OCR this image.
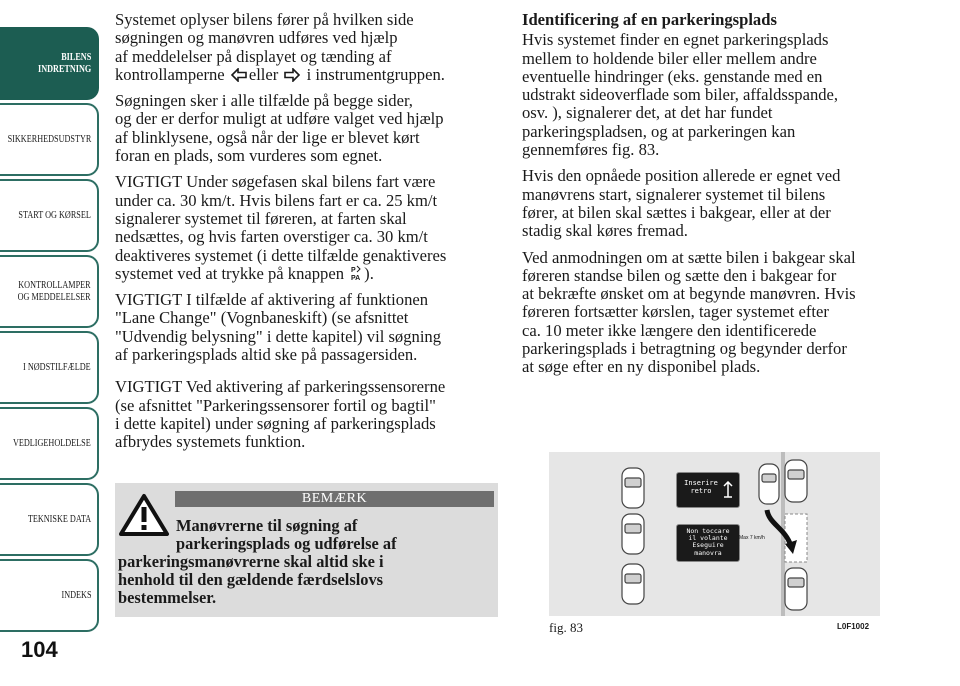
BILENS
INDRETNING
SIKKERHEDSUDSTYR
START OG KØRSEL
KONTROLLAMPER
OG MEDDELELSER
I NØDSTILFÆLDE
VEDLIGEHOLDELSE
TEKNISKE DATA
INDEKS
104

Systemet oplyser bilens fører på hvilken side
søgningen og manøvren udføres ved hjælp
af meddelelser på displayet og tænding af
kontrollamperne eller i instrumentgruppen.

Søgningen sker i alle tilfælde på begge sider,
og der er derfor muligt at udføre valget ved hjælp
af blinklysene, også når der lige er blevet kørt
foran en plads, som vurderes som egnet.

VIGTIGT Under søgefasen skal bilens fart være
under ca. 30 km/t. Hvis bilens fart er ca. 25 km/t
signalerer systemet til føreren, at farten skal
nedsættes, og hvis farten overstiger ca. 30 km/t
deaktiveres systemet (i dette tilfælde genaktiveres
systemet ved at trykke på knappen P
PA ).

VIGTIGT I tilfælde af aktivering af funktionen
"Lane Change" (Vognbaneskift) (se afsnittet
"Udvendig belysning" i dette kapitel) vil søgning
af parkeringsplads altid ske på passagersiden.

VIGTIGT Ved aktivering af parkeringssensorerne
(se afsnittet "Parkeringssensorer fortil og bagtil"
i dette kapitel) under søgning af parkeringsplads
afbrydes systemets funktion.

BEMÆRK
Manøvrerne til søgning af
parkeringsplads og udførelse af
parkeringsmanøvrerne skal altid ske i
henhold til den gældende færdselslovs
bestemmelser.
Identificering af en parkeringsplads

Hvis systemet finder en egnet parkeringsplads
mellem to holdende biler eller mellem andre
eventuelle hindringer (eks. genstande med en
udstrakt sideoverflade som biler, affaldsspande,
osv. ), signalerer det, at det har fundet
parkeringspladsen, og at parkeringen kan
gennemføres fig. 83.

Hvis den opnåede position allerede er egnet ved
manøvrens start, signalerer systemet til bilens
fører, at bilen skal sættes i bakgear, eller at der
stadig skal køres fremad.

Ved anmodningen om at sætte bilen i bakgear skal
føreren standse bilen og sætte den i bakgear for
at bekræfte ønsket om at begynde manøvren. Hvis
føreren fortsætter kørslen, tager systemet efter
ca. 10 meter ikke længere den identificerede
parkeringsplads i betragtning og begynder derfor
at søge efter en ny disponibel plads.

Inserire
retro
Non toccare
il volante
Eseguire
manovra
Max 7 km/h
fig. 83	L0F1002
